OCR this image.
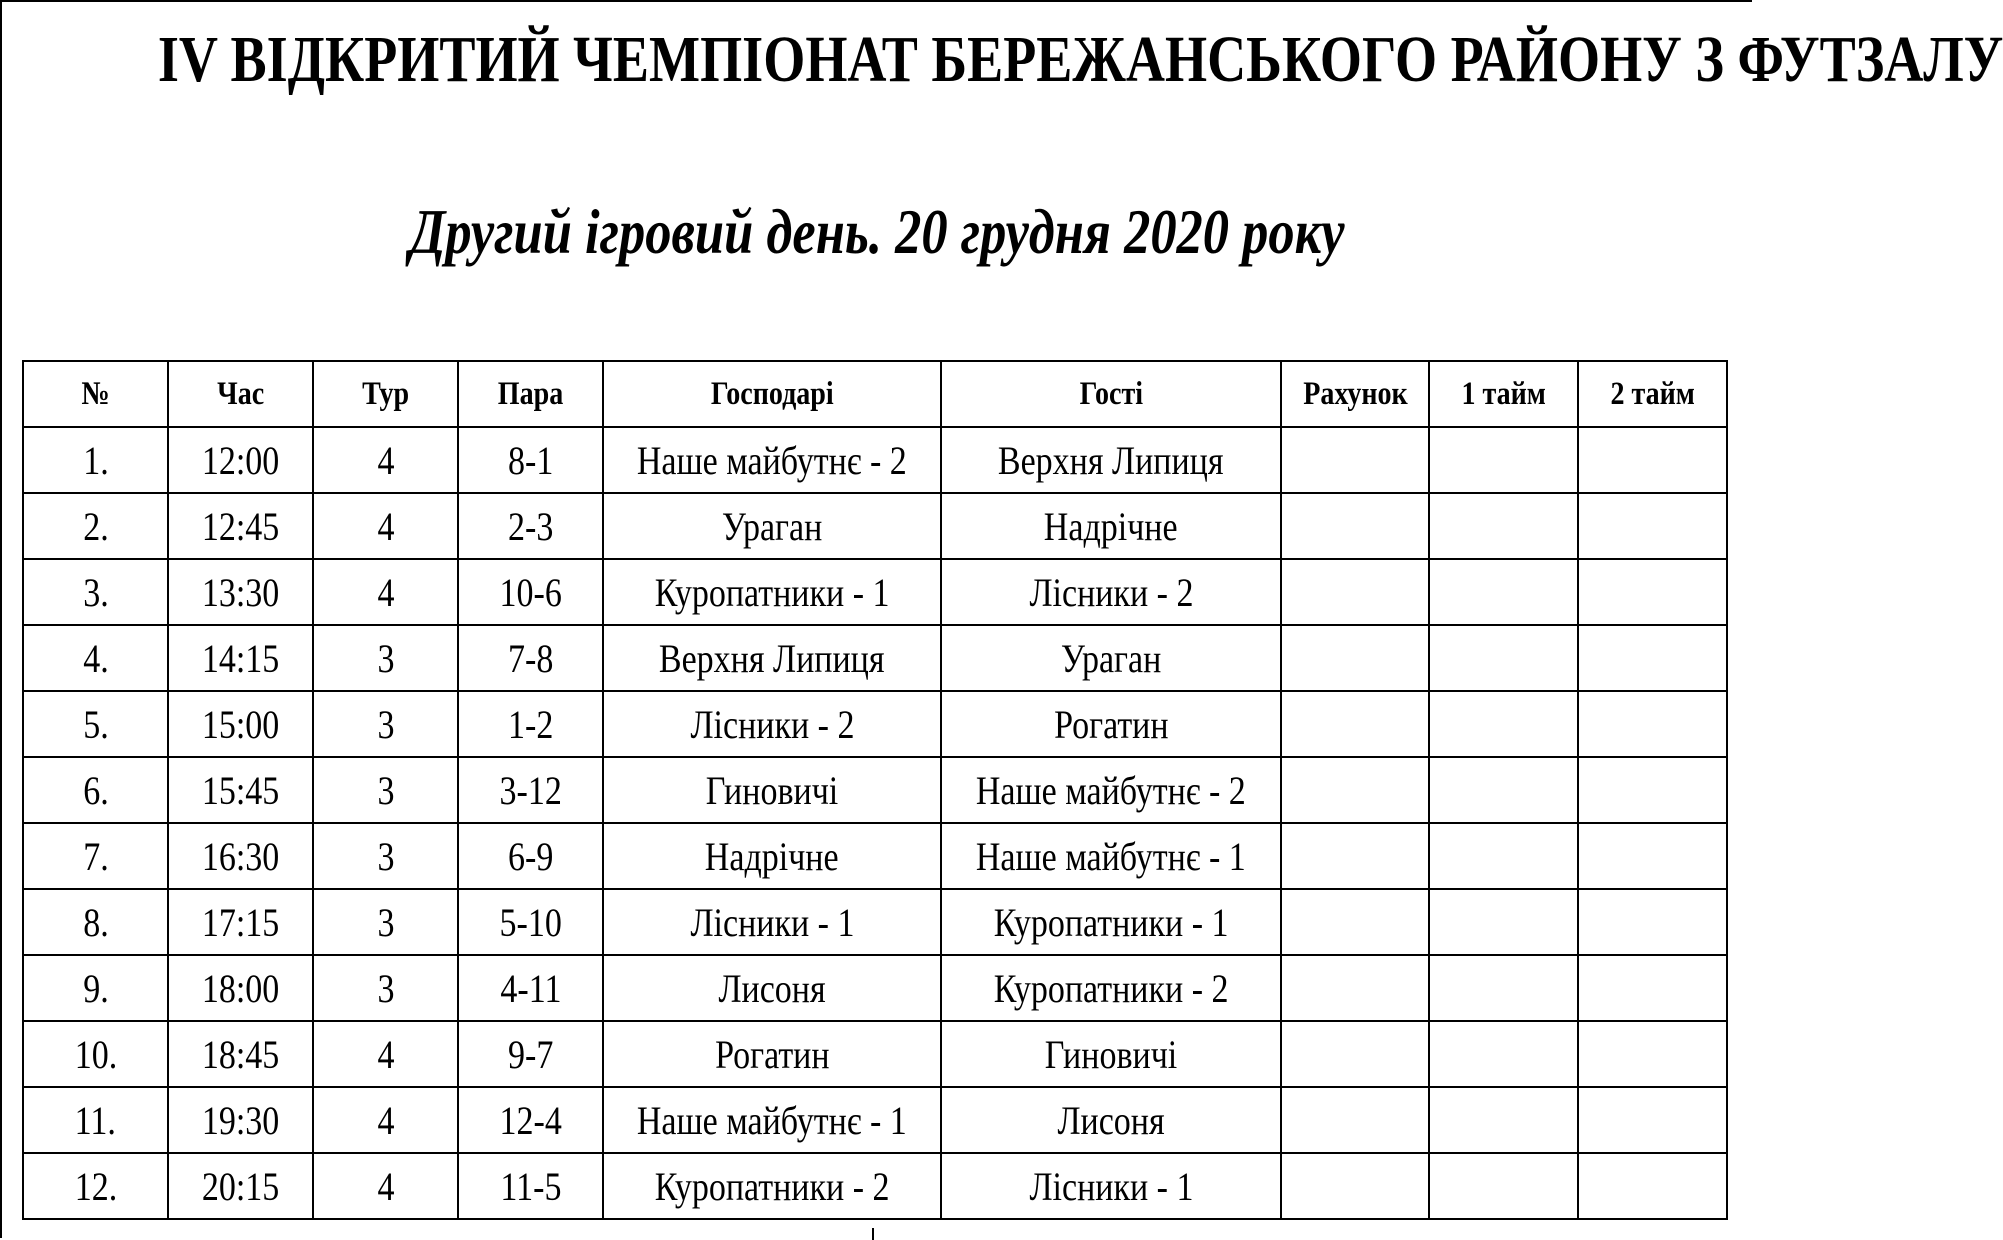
IV ВІДКРИТИЙ ЧЕМПІОНАТ БЕРЕЖАНСЬКОГО РАЙОНУ З ФУТЗАЛУ
Другий ігровий день. 20 грудня 2020 року
№	Час	Тур	Пара	Господарі	Гості	Рахунок	1 тайм	2 тайм
1.	12:00	4	8-1	Наше майбутнє - 2	Верхня Липиця			
2.	12:45	4	2-3	Ураган	Надрічне			
3.	13:30	4	10-6	Куропатники - 1	Лісники - 2			
4.	14:15	3	7-8	Верхня Липиця	Ураган			
5.	15:00	3	1-2	Лісники - 2	Рогатин			
6.	15:45	3	3-12	Гиновичі	Наше майбутнє - 2			
7.	16:30	3	6-9	Надрічне	Наше майбутнє - 1			
8.	17:15	3	5-10	Лісники - 1	Куропатники - 1			
9.	18:00	3	4-11	Лисоня	Куропатники - 2			
10.	18:45	4	9-7	Рогатин	Гиновичі			
11.	19:30	4	12-4	Наше майбутнє - 1	Лисоня			
12.	20:15	4	11-5	Куропатники - 2	Лісники - 1			
